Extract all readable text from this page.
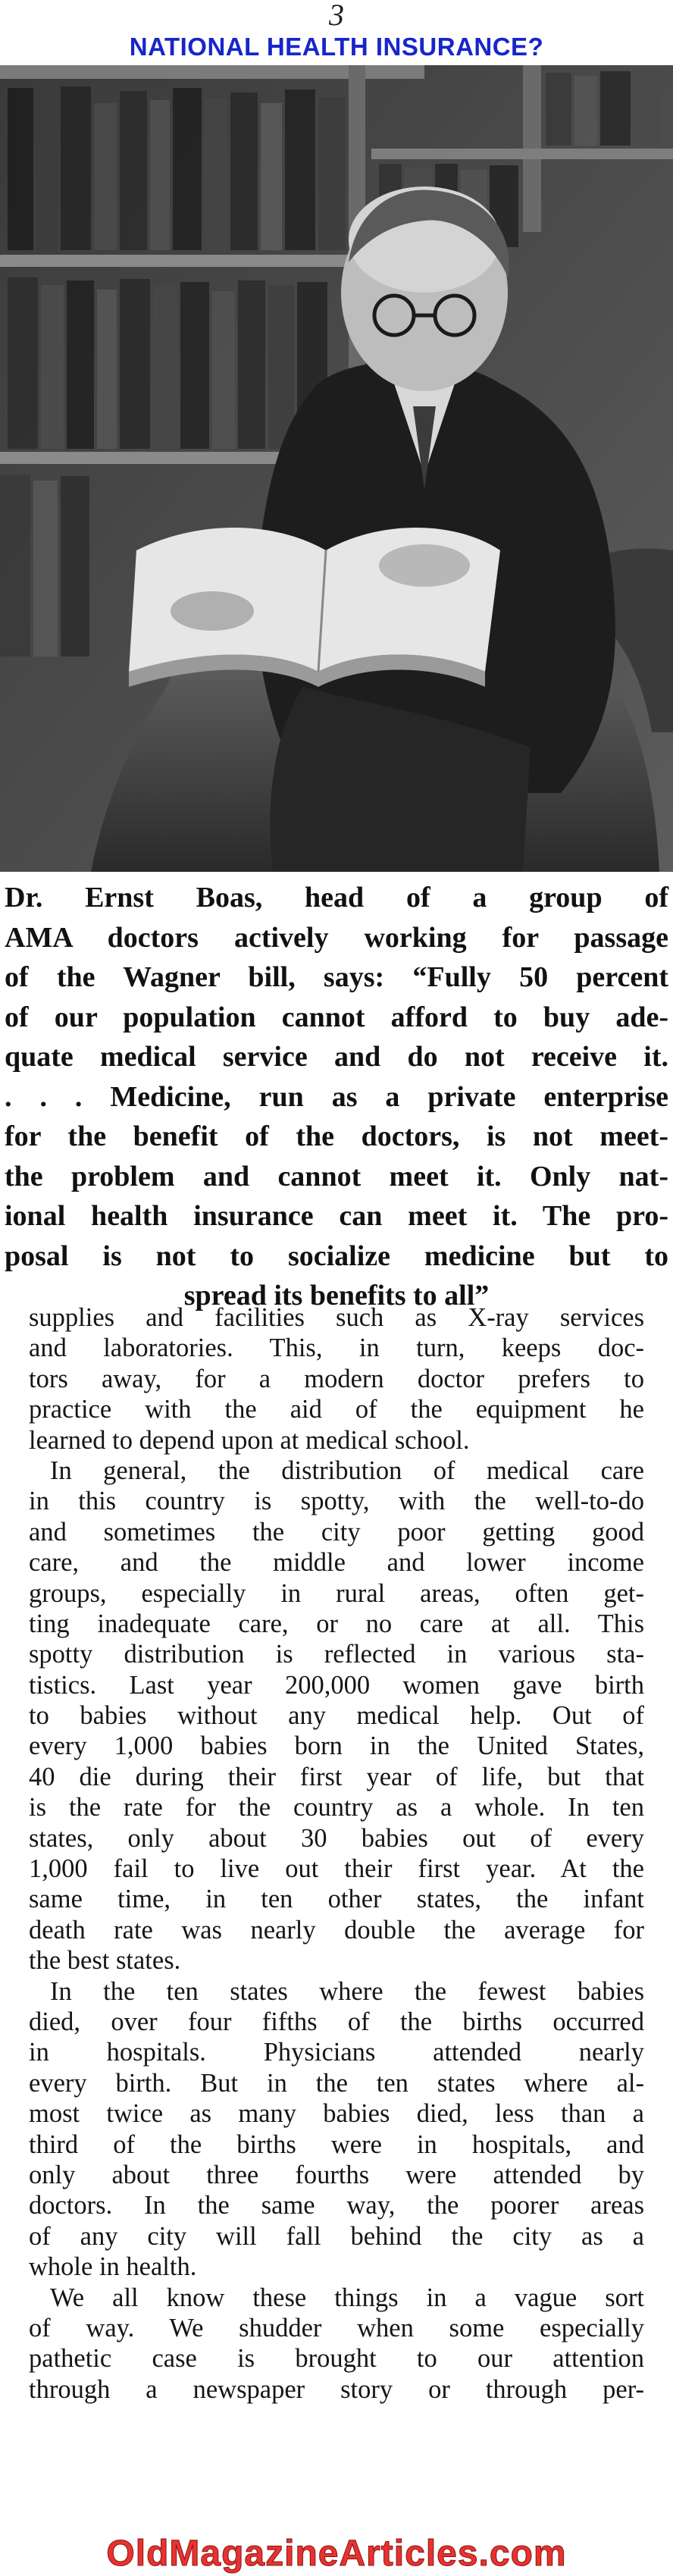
3
NATIONAL HEALTH INSURANCE?
Dr. Ernst Boas, head of a group of
AMA doctors actively working for passage
of the Wagner bill, says: “Fully 50 percent
of our population cannot afford to buy ade-
quate medical service and do not receive it.
. . . Medicine, run as a private enterprise
for the benefit of the doctors, is not meet-
the problem and cannot meet it. Only nat-
ional health insurance can meet it. The pro-
posal is not to socialize medicine but to
spread its benefits to all”
supplies and facilities such as X-ray services
and laboratories. This, in turn, keeps doc-
tors away, for a modern doctor prefers to
practice with the aid of the equipment he
learned to depend upon at medical school.
In general, the distribution of medical care
in this country is spotty, with the well-to-do
and sometimes the city poor getting good
care, and the middle and lower income
groups, especially in rural areas, often get-
ting inadequate care, or no care at all. This
spotty distribution is reflected in various sta-
tistics. Last year 200,000 women gave birth
to babies without any medical help. Out of
every 1,000 babies born in the United States,
40 die during their first year of life, but that
is the rate for the country as a whole. In ten
states, only about 30 babies out of every
1,000 fail to live out their first year. At the
same time, in ten other states, the infant
death rate was nearly double the average for
the best states.
In the ten states where the fewest babies
died, over four fifths of the births occurred
in hospitals. Physicians attended nearly
every birth. But in the ten states where al-
most twice as many babies died, less than a
third of the births were in hospitals, and
only about three fourths were attended by
doctors. In the same way, the poorer areas
of any city will fall behind the city as a
whole in health.
We all know these things in a vague sort
of way. We shudder when some especially
pathetic case is brought to our attention
through a newspaper story or through per-
OldMagazineArticles.com
